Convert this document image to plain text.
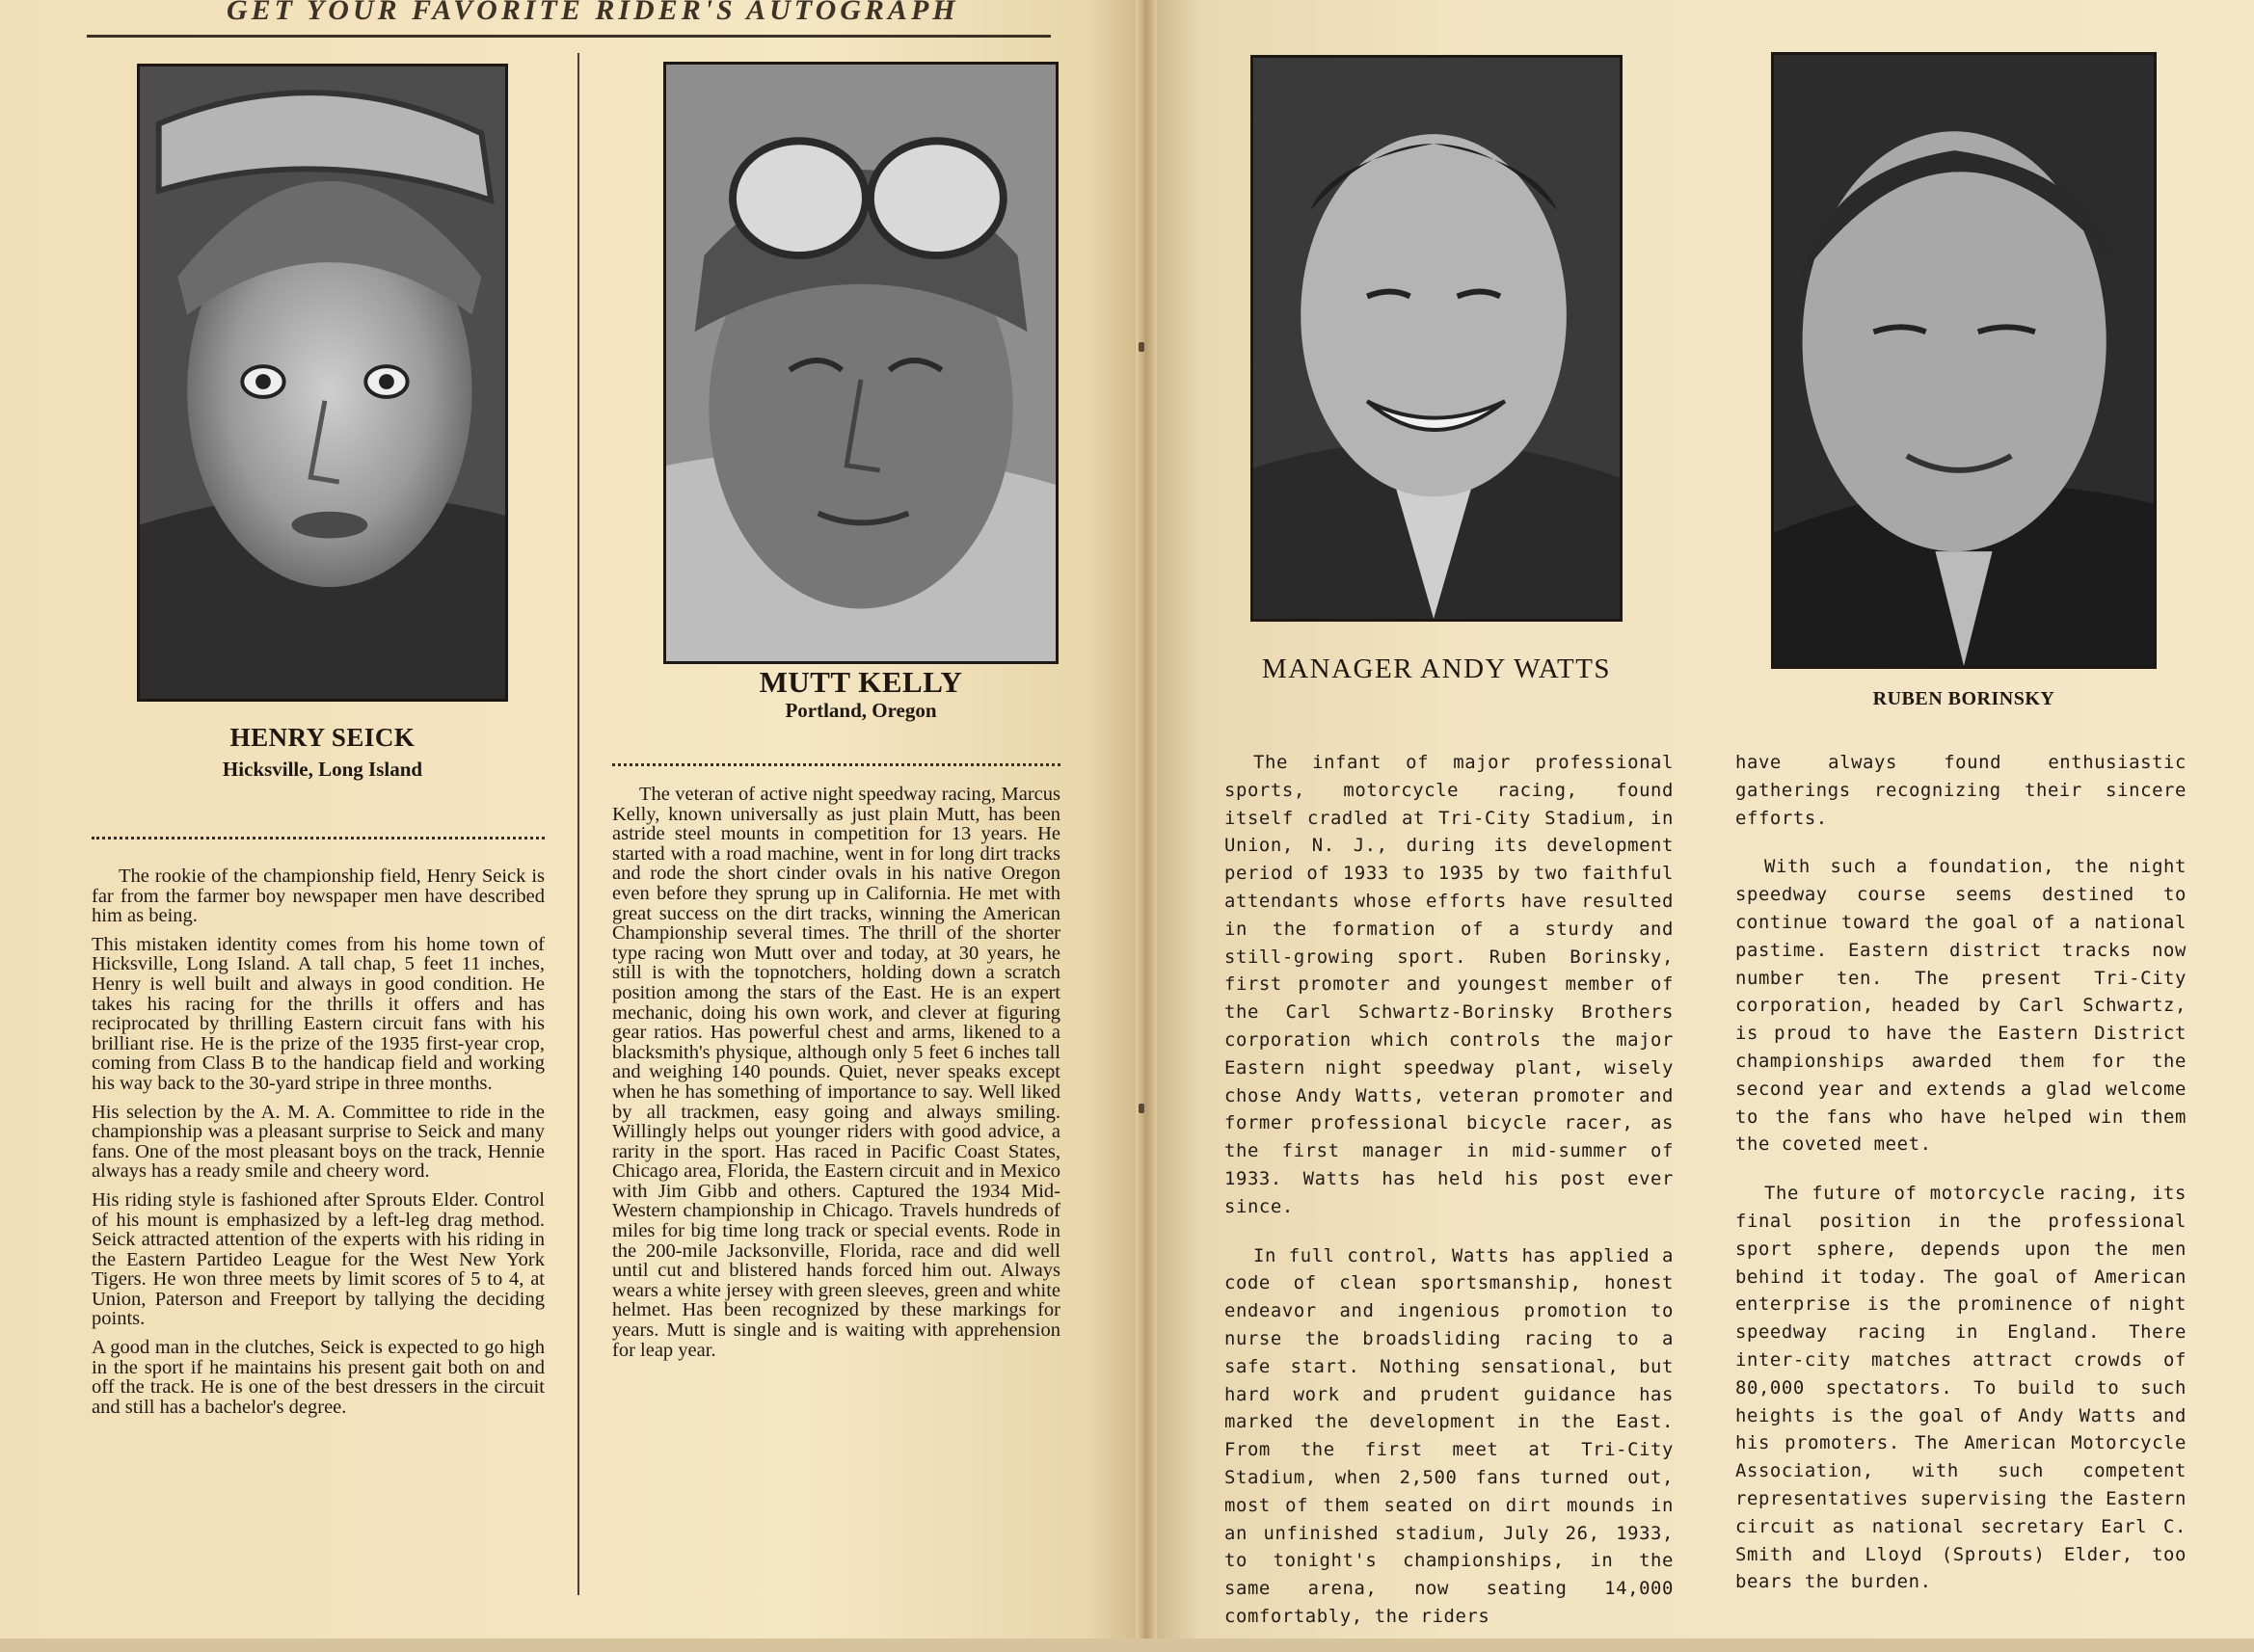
GET YOUR FAVORITE RIDER'S AUTOGRAPH
HENRY SEICK
Hicksville, Long Island

The rookie of the championship field, Henry Seick is far from the farmer boy newspaper men have described him as being.

This mistaken identity comes from his home town of Hicksville, Long Island. A tall chap, 5 feet 11 inches, Henry is well built and always in good condition. He takes his racing for the thrills it offers and has reciprocated by thrilling Eastern circuit fans with his brilliant rise. He is the prize of the 1935 first-year crop, coming from Class B to the handicap field and working his way back to the 30-yard stripe in three months.

His selection by the A. M. A. Committee to ride in the championship was a pleasant surprise to Seick and many fans. One of the most pleasant boys on the track, Hennie always has a ready smile and cheery word.

His riding style is fashioned after Sprouts Elder. Control of his mount is emphasized by a left-leg drag method. Seick attracted attention of the experts with his riding in the Eastern Partideo League for the West New York Tigers. He won three meets by limit scores of 5 to 4, at Union, Paterson and Freeport by tallying the deciding points.

A good man in the clutches, Seick is expected to go high in the sport if he maintains his present gait both on and off the track. He is one of the best dressers in the circuit and still has a bachelor's degree.

MUTT KELLY
Portland, Oregon

The veteran of active night speedway racing, Marcus Kelly, known universally as just plain Mutt, has been astride steel mounts in competition for 13 years. He started with a road machine, went in for long dirt tracks and rode the short cinder ovals in his native Oregon even before they sprung up in California. He met with great success on the dirt tracks, winning the American Championship several times. The thrill of the shorter type racing won Mutt over and today, at 30 years, he still is with the topnotchers, holding down a scratch position among the stars of the East. He is an expert mechanic, doing his own work, and clever at figuring gear ratios. Has powerful chest and arms, likened to a blacksmith's physique, although only 5 feet 6 inches tall and weighing 140 pounds. Quiet, never speaks except when he has something of importance to say. Well liked by all trackmen, easy going and always smiling. Willingly helps out younger riders with good advice, a rarity in the sport. Has raced in Pacific Coast States, Chicago area, Florida, the Eastern circuit and in Mexico with Jim Gibb and others. Captured the 1934 Mid-Western championship in Chicago. Travels hundreds of miles for big time long track or special events. Rode in the 200-mile Jacksonville, Florida, race and did well until cut and blistered hands forced him out. Always wears a white jersey with green sleeves, green and white helmet. Has been recognized by these markings for years. Mutt is single and is waiting with apprehension for leap year.

MANAGER ANDY WATTS
RUBEN BORINSKY

The infant of major professional sports, motorcycle racing, found itself cradled at Tri-City Stadium, in Union, N. J., during its development period of 1933 to 1935 by two faithful attendants whose efforts have resulted in the formation of a sturdy and still-growing sport. Ruben Borinsky, first promoter and youngest member of the Carl Schwartz-Borinsky Brothers corporation which controls the major Eastern night speedway plant, wisely chose Andy Watts, veteran promoter and former professional bicycle racer, as the first manager in mid-summer of 1933. Watts has held his post ever since.

In full control, Watts has applied a code of clean sportsmanship, honest endeavor and ingenious promotion to nurse the broadsliding racing to a safe start. Nothing sensational, but hard work and prudent guidance has marked the development in the East. From the first meet at Tri-City Stadium, when 2,500 fans turned out, most of them seated on dirt mounds in an unfinished stadium, July 26, 1933, to tonight's championships, in the same arena, now seating 14,000 comfortably, the riders

have always found enthusiastic gatherings recognizing their sincere efforts.

With such a foundation, the night speedway course seems destined to continue toward the goal of a national pastime. Eastern district tracks now number ten. The present Tri-City corporation, headed by Carl Schwartz, is proud to have the Eastern District championships awarded them for the second year and extends a glad welcome to the fans who have helped win them the coveted meet.

The future of motorcycle racing, its final position in the professional sport sphere, depends upon the men behind it today. The goal of American enterprise is the prominence of night speedway racing in England. There inter-city matches attract crowds of 80,000 spectators. To build to such heights is the goal of Andy Watts and his promoters. The American Motorcycle Association, with such competent representatives supervising the Eastern circuit as national secretary Earl C. Smith and Lloyd (Sprouts) Elder, too bears the burden.
